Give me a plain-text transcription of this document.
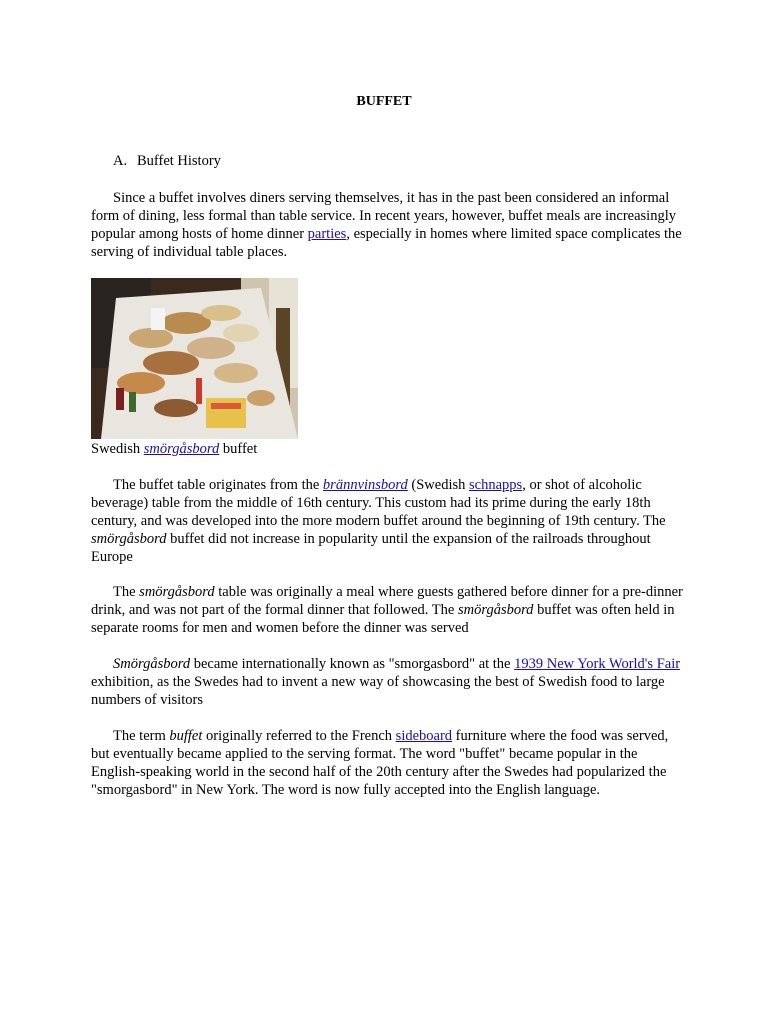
BUFFET
A. Buffet History

Since a buffet involves diners serving themselves, it has in the past been considered an informal form of dining, less formal than table service. In recent years, however, buffet meals are increasingly popular among hosts of home dinner parties, especially in homes where limited space complicates the serving of individual table places.

Swedish smörgåsbord buffet

The buffet table originates from the brännvinsbord (Swedish schnapps, or shot of alcoholic beverage) table from the middle of 16th century. This custom had its prime during the early 18th century, and was developed into the more modern buffet around the beginning of 19th century. The smörgåsbord buffet did not increase in popularity until the expansion of the railroads throughout Europe

The smörgåsbord table was originally a meal where guests gathered before dinner for a pre-dinner drink, and was not part of the formal dinner that followed. The smörgåsbord buffet was often held in separate rooms for men and women before the dinner was served

Smörgåsbord became internationally known as "smorgasbord" at the 1939 New York World's Fair exhibition, as the Swedes had to invent a new way of showcasing the best of Swedish food to large numbers of visitors

The term buffet originally referred to the French sideboard furniture where the food was served, but eventually became applied to the serving format. The word "buffet" became popular in the English-speaking world in the second half of the 20th century after the Swedes had popularized the "smorgasbord" in New York. The word is now fully accepted into the English language.
